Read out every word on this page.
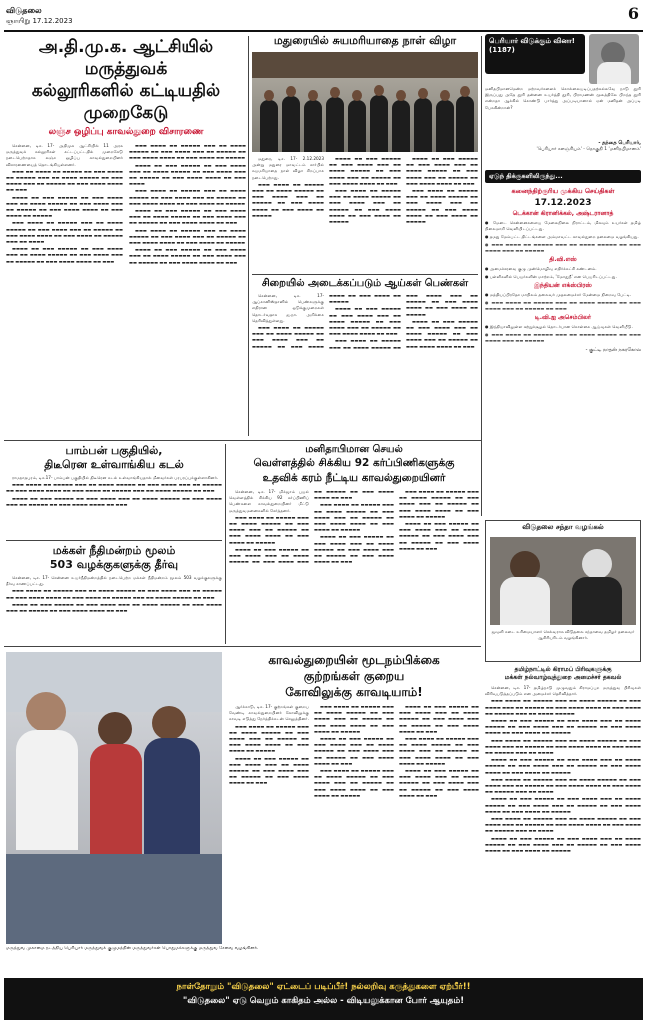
விடுதலை
ஞாயிறு 17.12.2023	6
அ.தி.மு.க. ஆட்சியில் மருத்துவக்
கல்லூரிகளில் கட்டியதில் முறைகேடு
லஞ்ச ஒழிப்பு காவல்துறை விசாரணை

சென்னை, டிச. 17- அதிமுக ஆட்சியில் 11 அரசு மருத்துவக் கல்லூரிகள் கட்டப்பட்டதில் முறைகேடு நடைபெற்றதாக லஞ்ச ஒழிப்பு காவல்துறையினர் விசாரணையைத் தொடங்கியுள்ளனர்.

▬▬▬ ▬▬ ▬▬▬▬ ▬▬ ▬▬▬▬▬ ▬▬ ▬▬▬ ▬▬▬▬ ▬▬ ▬▬▬▬▬ ▬▬▬ ▬▬ ▬▬▬▬ ▬▬▬▬▬ ▬▬ ▬▬▬ ▬▬▬▬ ▬▬▬ ▬▬ ▬▬▬▬▬ ▬▬ ▬▬▬ ▬▬▬▬ ▬▬▬▬ ▬▬ ▬▬▬

▬▬▬▬ ▬▬ ▬▬▬ ▬▬▬▬▬ ▬▬ ▬▬▬ ▬▬▬▬ ▬▬▬ ▬▬ ▬▬▬▬ ▬▬▬▬▬ ▬▬ ▬▬▬ ▬▬▬▬ ▬▬▬ ▬▬ ▬▬▬▬▬ ▬▬ ▬▬▬ ▬▬▬▬ ▬▬▬▬ ▬▬ ▬▬▬ ▬▬▬▬ ▬▬ ▬▬▬▬▬

▬▬▬ ▬▬▬▬ ▬▬ ▬▬▬▬▬ ▬▬▬ ▬▬ ▬▬▬▬ ▬▬▬▬▬ ▬▬ ▬▬▬ ▬▬▬▬ ▬▬▬ ▬▬ ▬▬▬▬▬ ▬▬ ▬▬▬ ▬▬▬▬ ▬▬▬▬ ▬▬ ▬▬▬ ▬▬▬▬ ▬▬ ▬▬▬▬▬ ▬▬▬ ▬▬ ▬▬▬▬

▬▬▬▬ ▬▬ ▬▬▬ ▬▬▬▬▬ ▬▬ ▬▬▬ ▬▬▬▬ ▬▬▬ ▬▬ ▬▬▬▬ ▬▬▬▬▬ ▬▬ ▬▬▬ ▬▬▬▬ ▬▬▬ ▬▬ ▬▬▬▬▬ ▬▬ ▬▬▬ ▬▬▬▬ ▬▬▬▬ ▬▬ ▬▬▬

▬▬▬ ▬▬▬▬ ▬▬ ▬▬▬▬▬ ▬▬▬ ▬▬ ▬▬▬▬ ▬▬▬▬▬ ▬▬ ▬▬▬ ▬▬▬▬ ▬▬▬ ▬▬ ▬▬▬▬▬ ▬▬ ▬▬▬ ▬▬▬▬ ▬▬▬▬ ▬▬ ▬▬▬ ▬▬▬▬ ▬▬ ▬▬▬▬▬

▬▬▬▬ ▬▬ ▬▬▬ ▬▬▬▬▬ ▬▬ ▬▬▬ ▬▬▬▬ ▬▬▬ ▬▬ ▬▬▬▬ ▬▬▬▬▬ ▬▬ ▬▬▬ ▬▬▬▬ ▬▬▬ ▬▬ ▬▬▬▬▬ ▬▬ ▬▬▬ ▬▬▬▬ ▬▬▬▬ ▬▬ ▬▬▬ ▬▬▬▬

▬▬▬ ▬▬▬▬ ▬▬ ▬▬▬▬▬ ▬▬▬ ▬▬ ▬▬▬▬ ▬▬▬▬▬ ▬▬ ▬▬▬ ▬▬▬▬ ▬▬▬ ▬▬ ▬▬▬▬▬ ▬▬ ▬▬▬ ▬▬▬▬ ▬▬▬▬ ▬▬ ▬▬▬ ▬▬▬▬ ▬▬ ▬▬▬▬▬

▬▬▬▬ ▬▬ ▬▬▬ ▬▬▬▬▬ ▬▬ ▬▬▬ ▬▬▬▬ ▬▬▬ ▬▬ ▬▬▬▬ ▬▬▬▬▬ ▬▬ ▬▬▬ ▬▬▬▬ ▬▬▬ ▬▬ ▬▬▬▬▬ ▬▬ ▬▬▬ ▬▬▬▬ ▬▬▬▬ ▬▬ ▬▬▬

▬▬▬ ▬▬▬▬ ▬▬ ▬▬▬▬▬ ▬▬▬ ▬▬ ▬▬▬▬ ▬▬▬▬▬ ▬▬ ▬▬▬ ▬▬▬▬ ▬▬▬ ▬▬ ▬▬▬▬▬ ▬▬ ▬▬▬ ▬▬▬▬ ▬▬▬▬ ▬▬ ▬▬▬ ▬▬▬▬ ▬▬ ▬▬▬▬▬

▬▬▬▬ ▬▬ ▬▬▬ ▬▬▬▬▬ ▬▬ ▬▬▬ ▬▬▬▬ ▬▬▬ ▬▬ ▬▬▬▬ ▬▬▬▬▬ ▬▬ ▬▬▬ ▬▬▬▬ ▬▬▬ ▬▬ ▬▬▬▬▬ ▬▬ ▬▬▬ ▬▬▬▬ ▬▬▬▬ ▬▬ ▬▬▬

மதுரையில் சுயமரியாதை நாள் விழா

மதுரை, டிச. 17- 2.12.2023 அன்று மதுரை மாவட்டம் சார்பில் சுயமரியாதை நாள் விழா சிறப்பாக நடைபெற்றது.

▬▬▬ ▬▬▬▬ ▬▬ ▬▬▬▬▬ ▬▬▬ ▬▬ ▬▬▬▬ ▬▬▬▬▬ ▬▬ ▬▬▬ ▬▬▬▬ ▬▬▬ ▬▬ ▬▬▬▬▬ ▬▬ ▬▬▬ ▬▬▬▬ ▬▬▬▬ ▬▬ ▬▬▬ ▬▬▬▬ ▬▬ ▬▬▬▬▬

▬▬▬▬ ▬▬ ▬▬▬ ▬▬▬▬▬ ▬▬ ▬▬▬ ▬▬▬▬ ▬▬▬ ▬▬ ▬▬▬▬ ▬▬▬▬▬ ▬▬ ▬▬▬ ▬▬▬▬ ▬▬▬ ▬▬ ▬▬▬▬▬ ▬▬ ▬▬▬ ▬▬▬▬ ▬▬▬▬ ▬▬ ▬▬▬

▬▬▬ ▬▬▬▬ ▬▬ ▬▬▬▬▬ ▬▬▬ ▬▬ ▬▬▬▬ ▬▬▬▬▬ ▬▬ ▬▬▬ ▬▬▬▬ ▬▬▬ ▬▬ ▬▬▬▬▬ ▬▬ ▬▬▬ ▬▬▬▬ ▬▬▬▬ ▬▬ ▬▬▬ ▬▬▬▬ ▬▬ ▬▬▬▬▬

▬▬▬▬ ▬▬ ▬▬▬ ▬▬▬▬▬ ▬▬ ▬▬▬ ▬▬▬▬ ▬▬▬ ▬▬ ▬▬▬▬ ▬▬▬▬▬ ▬▬ ▬▬▬ ▬▬▬▬ ▬▬▬ ▬▬ ▬▬▬▬▬ ▬▬ ▬▬▬ ▬▬▬▬ ▬▬▬▬ ▬▬ ▬▬▬

▬▬▬ ▬▬▬▬ ▬▬ ▬▬▬▬▬ ▬▬▬ ▬▬ ▬▬▬▬ ▬▬▬▬▬ ▬▬ ▬▬▬ ▬▬▬▬ ▬▬▬ ▬▬ ▬▬▬▬▬ ▬▬ ▬▬▬ ▬▬▬▬ ▬▬▬▬ ▬▬ ▬▬▬ ▬▬▬▬ ▬▬ ▬▬▬▬▬

சிறையில் அடைக்கப்படும் ஆய்கள் பெண்கள்

சென்னை, டிச. 17- ஆப்கானிஸ்தானில் பெண்களுக்கு எதிரான ஒடுக்குமுறைகள் தொடர்வதாக ஐ.நா. அறிக்கை தெரிவித்துள்ளது.

▬▬▬ ▬▬▬▬ ▬▬ ▬▬▬▬▬ ▬▬▬ ▬▬ ▬▬▬▬ ▬▬▬▬▬ ▬▬ ▬▬▬ ▬▬▬▬ ▬▬▬ ▬▬ ▬▬▬▬▬ ▬▬ ▬▬▬ ▬▬▬▬ ▬▬▬▬ ▬▬ ▬▬▬ ▬▬▬▬ ▬▬ ▬▬▬▬▬

▬▬▬▬ ▬▬ ▬▬▬ ▬▬▬▬▬ ▬▬ ▬▬▬ ▬▬▬▬ ▬▬▬ ▬▬ ▬▬▬▬ ▬▬▬▬▬ ▬▬ ▬▬▬ ▬▬▬▬ ▬▬▬ ▬▬ ▬▬▬▬▬ ▬▬ ▬▬▬ ▬▬▬▬ ▬▬▬▬ ▬▬ ▬▬▬

▬▬▬ ▬▬▬▬ ▬▬ ▬▬▬▬▬ ▬▬▬ ▬▬ ▬▬▬▬ ▬▬▬▬▬ ▬▬ ▬▬▬ ▬▬▬▬ ▬▬▬ ▬▬ ▬▬▬▬▬ ▬▬ ▬▬▬ ▬▬▬▬ ▬▬▬▬ ▬▬ ▬▬▬ ▬▬▬▬ ▬▬ ▬▬▬▬▬

▬▬▬▬ ▬▬ ▬▬▬ ▬▬▬▬▬ ▬▬ ▬▬▬ ▬▬▬▬ ▬▬▬ ▬▬ ▬▬▬▬ ▬▬▬▬▬ ▬▬ ▬▬▬ ▬▬▬▬ ▬▬▬ ▬▬ ▬▬▬▬▬ ▬▬ ▬▬▬ ▬▬▬▬ ▬▬▬▬ ▬▬ ▬▬▬

பெரியார் விடுக்கும் வினா! (1187)
மனிதபிமானமென்ற மற்றவர்களைக் கொல்லையடிப்பதற்கல்லவே நாடு தூரி இருப்பது அதே தூரி தன்னை உயர்த்தி தூரி, பிராமணன் மூலத்திலே பிறந்த தூரி என்றதா ஆக்கில் கொண்டு பார்த்து அப்படியானால் ஏன் மனிதன் அப்படி பேசுகின்றான்?
- தந்தை பெரியார்,
'பெரியார் களஞ்சியம்' - தொகுதி 1 'மனிதபிமானம்'
ஏடுந் திக்குகளிலிருந்து...
கனைந்திற்குரிய முக்கிய செய்திகள்
17.12.2023
டெக்கான் கிரானிக்கல், அஷ்டரானாத்
● மேடை சென்னைகளைய மேலைநிலை நிராட்டம், மிகவும் உயர்கள் தமிழ் நிலைமாறி வெளியிடப்பட்டது.
● தமது மேம்பட்ட திட்டங்களை அம்மாவட்ட காவல்துறை தலைமை வழங்கியது.
● ▬▬▬ ▬▬▬▬ ▬▬ ▬▬▬▬▬ ▬▬▬ ▬▬ ▬▬▬▬ ▬▬▬▬▬ ▬▬ ▬▬▬ ▬▬▬▬ ▬▬▬ ▬▬ ▬▬▬▬▬
தி.வி.எஸ்
● அமைச்சரவை குழு முன்மொழிவு எதிர்க்கட்சி கண்டனம்.
● பள்ளிகளில் பெயர்களின் மாற்றம், 'மோதுநீ' என பெயரிடப்பட்டது.
இந்தியன் எக்ஸ்பிரஸ்
● மத்தியப்பிரதேச மாநிலம் தலைவர் முதலமைச்சர் மேன்மை நிறைவு பேட்டி.
● ▬▬▬ ▬▬▬▬ ▬▬ ▬▬▬▬▬ ▬▬▬ ▬▬ ▬▬▬▬ ▬▬▬▬▬ ▬▬ ▬▬▬ ▬▬▬▬ ▬▬▬ ▬▬ ▬▬▬▬▬ ▬▬ ▬▬▬
டி.வி.ஐ அசெம்பிலர்
● இந்தியாவிலுள்ள சுற்றுச்சூழல் தொடர்பான கொள்கை ஆய்வுகள் வெளியீடு.
● ▬▬▬ ▬▬▬▬ ▬▬ ▬▬▬▬▬ ▬▬▬ ▬▬ ▬▬▬▬ ▬▬▬▬▬ ▬▬ ▬▬▬ ▬▬▬▬ ▬▬▬ ▬▬ ▬▬▬▬▬
- குட்டி நாதன் நகரகோல
பாம்பன் பகுதியில்,
திடீரென உள்வாங்கிய கடல்

ராமநாதபுரம், டிச.17- பாம்பன் பகுதியில் திடீரென கடல் உள்வாங்கியதால் மீனவர்கள் பரபரப்புக்குள்ளாகினர்.

▬▬▬ ▬▬▬▬ ▬▬ ▬▬▬▬▬ ▬▬▬ ▬▬ ▬▬▬▬ ▬▬▬▬▬ ▬▬ ▬▬▬ ▬▬▬▬ ▬▬▬ ▬▬ ▬▬▬▬▬ ▬▬ ▬▬▬ ▬▬▬▬ ▬▬▬▬ ▬▬ ▬▬▬ ▬▬▬▬ ▬▬ ▬▬▬▬▬ ▬▬▬ ▬▬ ▬▬▬▬ ▬▬▬▬▬ ▬▬ ▬▬▬

▬▬▬▬ ▬▬ ▬▬▬ ▬▬▬▬▬ ▬▬ ▬▬▬ ▬▬▬▬ ▬▬▬ ▬▬ ▬▬▬▬ ▬▬▬▬▬ ▬▬ ▬▬▬ ▬▬▬▬ ▬▬▬ ▬▬ ▬▬▬▬▬ ▬▬ ▬▬▬ ▬▬▬▬ ▬▬▬▬ ▬▬ ▬▬▬

மக்கள் நீதிமன்றம் மூலம்
503 வழக்குகளுக்கு தீர்வு

சென்னை, டிச. 17- சென்னை உயர்நீதிமன்றத்தில் நடைபெற்ற மக்கள் நீதிமன்றம் மூலம் 503 வழக்குகளுக்கு தீர்வு காணப்பட்டது.

▬▬▬ ▬▬▬▬ ▬▬ ▬▬▬▬▬ ▬▬▬ ▬▬ ▬▬▬▬ ▬▬▬▬▬ ▬▬ ▬▬▬ ▬▬▬▬ ▬▬▬ ▬▬ ▬▬▬▬▬ ▬▬ ▬▬▬ ▬▬▬▬ ▬▬▬▬ ▬▬ ▬▬▬ ▬▬▬▬ ▬▬ ▬▬▬▬▬ ▬▬▬ ▬▬ ▬▬▬▬ ▬▬▬▬▬ ▬▬ ▬▬▬

▬▬▬▬ ▬▬ ▬▬▬ ▬▬▬▬▬ ▬▬ ▬▬▬ ▬▬▬▬ ▬▬▬ ▬▬ ▬▬▬▬ ▬▬▬▬▬ ▬▬ ▬▬▬ ▬▬▬▬ ▬▬▬ ▬▬ ▬▬▬▬▬ ▬▬ ▬▬▬ ▬▬▬▬ ▬▬▬▬ ▬▬ ▬▬▬

மனிதாபிமான செயல்
வெள்ளத்தில் சிக்கிய 92 கர்ப்பிணிகளுக்கு
உதவிக் கரம் நீட்டிய காவல்துறையினர்

சென்னை, டிச. 17- மிக்ஜாம் புயல் வெள்ளத்தில் சிக்கிய 92 கர்ப்பிணிப் பெண்களை காவல்துறையினர் மீட்டு மருத்துவமனைகளில் சேர்த்தனர்.

▬▬▬ ▬▬▬▬ ▬▬ ▬▬▬▬▬ ▬▬▬ ▬▬ ▬▬▬▬ ▬▬▬▬▬ ▬▬ ▬▬▬ ▬▬▬▬ ▬▬▬ ▬▬ ▬▬▬▬▬ ▬▬ ▬▬▬ ▬▬▬▬ ▬▬▬▬ ▬▬ ▬▬▬ ▬▬▬▬ ▬▬ ▬▬▬▬▬

▬▬▬▬ ▬▬ ▬▬▬ ▬▬▬▬▬ ▬▬ ▬▬▬ ▬▬▬▬ ▬▬▬ ▬▬ ▬▬▬▬ ▬▬▬▬▬ ▬▬ ▬▬▬ ▬▬▬▬ ▬▬▬ ▬▬ ▬▬▬▬▬ ▬▬ ▬▬▬ ▬▬▬▬ ▬▬▬▬ ▬▬ ▬▬▬

▬▬▬ ▬▬▬▬ ▬▬ ▬▬▬▬▬ ▬▬▬ ▬▬ ▬▬▬▬ ▬▬▬▬▬ ▬▬ ▬▬▬ ▬▬▬▬ ▬▬▬ ▬▬ ▬▬▬▬▬ ▬▬ ▬▬▬ ▬▬▬▬ ▬▬▬▬ ▬▬ ▬▬▬ ▬▬▬▬ ▬▬ ▬▬▬▬▬

▬▬▬▬ ▬▬ ▬▬▬ ▬▬▬▬▬ ▬▬ ▬▬▬ ▬▬▬▬ ▬▬▬ ▬▬ ▬▬▬▬ ▬▬▬▬▬ ▬▬ ▬▬▬ ▬▬▬▬ ▬▬▬ ▬▬ ▬▬▬▬▬ ▬▬ ▬▬▬ ▬▬▬▬ ▬▬▬▬ ▬▬ ▬▬▬

▬▬▬ ▬▬▬▬ ▬▬ ▬▬▬▬▬ ▬▬▬ ▬▬ ▬▬▬▬ ▬▬▬▬▬ ▬▬ ▬▬▬ ▬▬▬▬ ▬▬▬ ▬▬ ▬▬▬▬▬ ▬▬ ▬▬▬ ▬▬▬▬ ▬▬▬▬ ▬▬ ▬▬▬ ▬▬▬▬ ▬▬ ▬▬▬▬▬

▬▬▬▬ ▬▬ ▬▬▬ ▬▬▬▬▬ ▬▬ ▬▬▬ ▬▬▬▬ ▬▬▬ ▬▬ ▬▬▬▬ ▬▬▬▬▬ ▬▬ ▬▬▬ ▬▬▬▬ ▬▬▬ ▬▬ ▬▬▬▬▬ ▬▬ ▬▬▬ ▬▬▬▬ ▬▬▬▬ ▬▬ ▬▬▬

விடுதலை சந்தா வழங்கல்
ஜவுளி கடை உரிமையாளர் செல்வராசு விடுதலை சந்தாவை தமிழர் தலைவர் ஆசிரியரிடம் வழங்கினார்.
தமிழ்நாட்டில் கிராமப் பிரிவுகளுக்கு
மக்கள் நல்வாழ்வுத்துறை அமைச்சர் தகவல்

சென்னை, டிச. 17- தமிழ்நாடு முழுவதும் கிராமப்புற மருத்துவ பிரிவுகள் விரிவுபடுத்தப்படும் என அமைச்சர் தெரிவித்தார்.

▬▬▬ ▬▬▬▬ ▬▬ ▬▬▬▬▬ ▬▬▬ ▬▬ ▬▬▬▬ ▬▬▬▬▬ ▬▬ ▬▬▬ ▬▬▬▬ ▬▬▬ ▬▬ ▬▬▬▬▬ ▬▬ ▬▬▬ ▬▬▬▬ ▬▬▬▬ ▬▬ ▬▬▬ ▬▬▬▬ ▬▬ ▬▬▬▬▬ ▬▬▬ ▬▬ ▬▬▬▬ ▬▬▬▬▬

▬▬▬▬ ▬▬ ▬▬▬ ▬▬▬▬▬ ▬▬ ▬▬▬ ▬▬▬▬ ▬▬▬ ▬▬ ▬▬▬▬ ▬▬▬▬▬ ▬▬ ▬▬▬ ▬▬▬▬ ▬▬▬ ▬▬ ▬▬▬▬▬ ▬▬ ▬▬▬ ▬▬▬▬ ▬▬▬▬ ▬▬ ▬▬▬ ▬▬▬▬ ▬▬ ▬▬▬▬▬

▬▬▬ ▬▬▬▬ ▬▬ ▬▬▬▬▬ ▬▬▬ ▬▬ ▬▬▬▬ ▬▬▬▬▬ ▬▬ ▬▬▬ ▬▬▬▬ ▬▬▬ ▬▬ ▬▬▬▬▬ ▬▬ ▬▬▬ ▬▬▬▬ ▬▬▬▬ ▬▬ ▬▬▬ ▬▬▬▬ ▬▬ ▬▬▬▬▬ ▬▬▬ ▬▬ ▬▬▬▬

▬▬▬▬ ▬▬ ▬▬▬ ▬▬▬▬▬ ▬▬ ▬▬▬ ▬▬▬▬ ▬▬▬ ▬▬ ▬▬▬▬ ▬▬▬▬▬ ▬▬ ▬▬▬ ▬▬▬▬ ▬▬▬ ▬▬ ▬▬▬▬▬ ▬▬ ▬▬▬ ▬▬▬▬ ▬▬▬▬ ▬▬ ▬▬▬ ▬▬▬▬ ▬▬ ▬▬▬▬▬

▬▬▬ ▬▬▬▬ ▬▬ ▬▬▬▬▬ ▬▬▬ ▬▬ ▬▬▬▬ ▬▬▬▬▬ ▬▬ ▬▬▬ ▬▬▬▬ ▬▬▬ ▬▬ ▬▬▬▬▬ ▬▬ ▬▬▬ ▬▬▬▬ ▬▬▬▬ ▬▬ ▬▬▬ ▬▬▬▬ ▬▬ ▬▬▬▬▬ ▬▬▬ ▬▬ ▬▬▬▬

▬▬▬▬ ▬▬ ▬▬▬ ▬▬▬▬▬ ▬▬ ▬▬▬ ▬▬▬▬ ▬▬▬ ▬▬ ▬▬▬▬ ▬▬▬▬▬ ▬▬ ▬▬▬ ▬▬▬▬ ▬▬▬ ▬▬ ▬▬▬▬▬ ▬▬ ▬▬▬ ▬▬▬▬ ▬▬▬▬ ▬▬ ▬▬▬ ▬▬▬▬ ▬▬ ▬▬▬▬▬

▬▬▬ ▬▬▬▬ ▬▬ ▬▬▬▬▬ ▬▬▬ ▬▬ ▬▬▬▬ ▬▬▬▬▬ ▬▬ ▬▬▬ ▬▬▬▬ ▬▬▬ ▬▬ ▬▬▬▬▬ ▬▬ ▬▬▬ ▬▬▬▬ ▬▬▬▬ ▬▬ ▬▬▬ ▬▬▬▬ ▬▬ ▬▬▬▬▬ ▬▬▬ ▬▬ ▬▬▬▬

▬▬▬▬ ▬▬ ▬▬▬ ▬▬▬▬▬ ▬▬ ▬▬▬ ▬▬▬▬ ▬▬▬ ▬▬ ▬▬▬▬ ▬▬▬▬▬ ▬▬ ▬▬▬ ▬▬▬▬ ▬▬▬ ▬▬ ▬▬▬▬▬ ▬▬ ▬▬▬ ▬▬▬▬ ▬▬▬▬ ▬▬ ▬▬▬ ▬▬▬▬ ▬▬ ▬▬▬▬▬

காவல்துறையின் மூடநம்பிக்கை
குற்றங்கள் குறைய
கோவிலுக்கு காவடியாம்!

ஆர்க்காடு, டிச. 17- குற்றங்கள் குறைய வேண்டி காவல்துறையினர் கோவிலுக்கு காவடி எடுத்து நேர்த்திக்கடன் செலுத்தினர்.

▬▬▬ ▬▬▬▬ ▬▬ ▬▬▬▬▬ ▬▬▬ ▬▬ ▬▬▬▬ ▬▬▬▬▬ ▬▬ ▬▬▬ ▬▬▬▬ ▬▬▬ ▬▬ ▬▬▬▬▬ ▬▬ ▬▬▬ ▬▬▬▬ ▬▬▬▬ ▬▬ ▬▬▬ ▬▬▬▬ ▬▬ ▬▬▬▬▬

▬▬▬▬ ▬▬ ▬▬▬ ▬▬▬▬▬ ▬▬ ▬▬▬ ▬▬▬▬ ▬▬▬ ▬▬ ▬▬▬▬ ▬▬▬▬▬ ▬▬ ▬▬▬ ▬▬▬▬ ▬▬▬ ▬▬ ▬▬▬▬▬ ▬▬ ▬▬▬ ▬▬▬▬ ▬▬▬▬ ▬▬ ▬▬▬

▬▬▬ ▬▬▬▬ ▬▬ ▬▬▬▬▬ ▬▬▬ ▬▬ ▬▬▬▬ ▬▬▬▬▬ ▬▬ ▬▬▬ ▬▬▬▬ ▬▬▬ ▬▬ ▬▬▬▬▬ ▬▬ ▬▬▬ ▬▬▬▬ ▬▬▬▬ ▬▬ ▬▬▬ ▬▬▬▬ ▬▬ ▬▬▬▬▬

▬▬▬▬ ▬▬ ▬▬▬ ▬▬▬▬▬ ▬▬ ▬▬▬ ▬▬▬▬ ▬▬▬ ▬▬ ▬▬▬▬ ▬▬▬▬▬ ▬▬ ▬▬▬ ▬▬▬▬ ▬▬▬ ▬▬ ▬▬▬▬▬ ▬▬ ▬▬▬ ▬▬▬▬ ▬▬▬▬ ▬▬ ▬▬▬

▬▬▬ ▬▬▬▬ ▬▬ ▬▬▬▬▬ ▬▬▬ ▬▬ ▬▬▬▬ ▬▬▬▬▬ ▬▬ ▬▬▬ ▬▬▬▬ ▬▬▬ ▬▬ ▬▬▬▬▬ ▬▬ ▬▬▬ ▬▬▬▬ ▬▬▬▬ ▬▬ ▬▬▬ ▬▬▬▬ ▬▬ ▬▬▬▬▬

▬▬▬▬ ▬▬ ▬▬▬ ▬▬▬▬▬ ▬▬ ▬▬▬ ▬▬▬▬ ▬▬▬ ▬▬ ▬▬▬▬ ▬▬▬▬▬ ▬▬ ▬▬▬ ▬▬▬▬ ▬▬▬ ▬▬ ▬▬▬▬▬ ▬▬ ▬▬▬ ▬▬▬▬ ▬▬▬▬ ▬▬ ▬▬▬

▬▬▬ ▬▬▬▬ ▬▬ ▬▬▬▬▬ ▬▬▬ ▬▬ ▬▬▬▬ ▬▬▬▬▬ ▬▬ ▬▬▬ ▬▬▬▬ ▬▬▬ ▬▬ ▬▬▬▬▬ ▬▬ ▬▬▬ ▬▬▬▬ ▬▬▬▬ ▬▬ ▬▬▬ ▬▬▬▬ ▬▬ ▬▬▬▬▬

▬▬▬▬ ▬▬ ▬▬▬ ▬▬▬▬▬ ▬▬ ▬▬▬ ▬▬▬▬ ▬▬▬ ▬▬ ▬▬▬▬ ▬▬▬▬▬ ▬▬ ▬▬▬ ▬▬▬▬ ▬▬▬ ▬▬ ▬▬▬▬▬ ▬▬ ▬▬▬ ▬▬▬▬ ▬▬▬▬ ▬▬ ▬▬▬

மருத்துவ முகாமை நடத்திய பெரியார் மருத்துவக் குழுமத்தின் மருத்துவர்கள் பொதுமக்களுக்கு மருத்துவ சேவை வழங்கினர்.
நாள்தோறும் "விடுதலை" ஏட்டைப் படிப்பீர்! நல்லறிவு கருத்துகளை ஏற்பீர்!!
"விடுதலை" ஏடு வெறும் காகிதம் அல்ல - விடியலுக்கான போர் ஆயுதம்!
